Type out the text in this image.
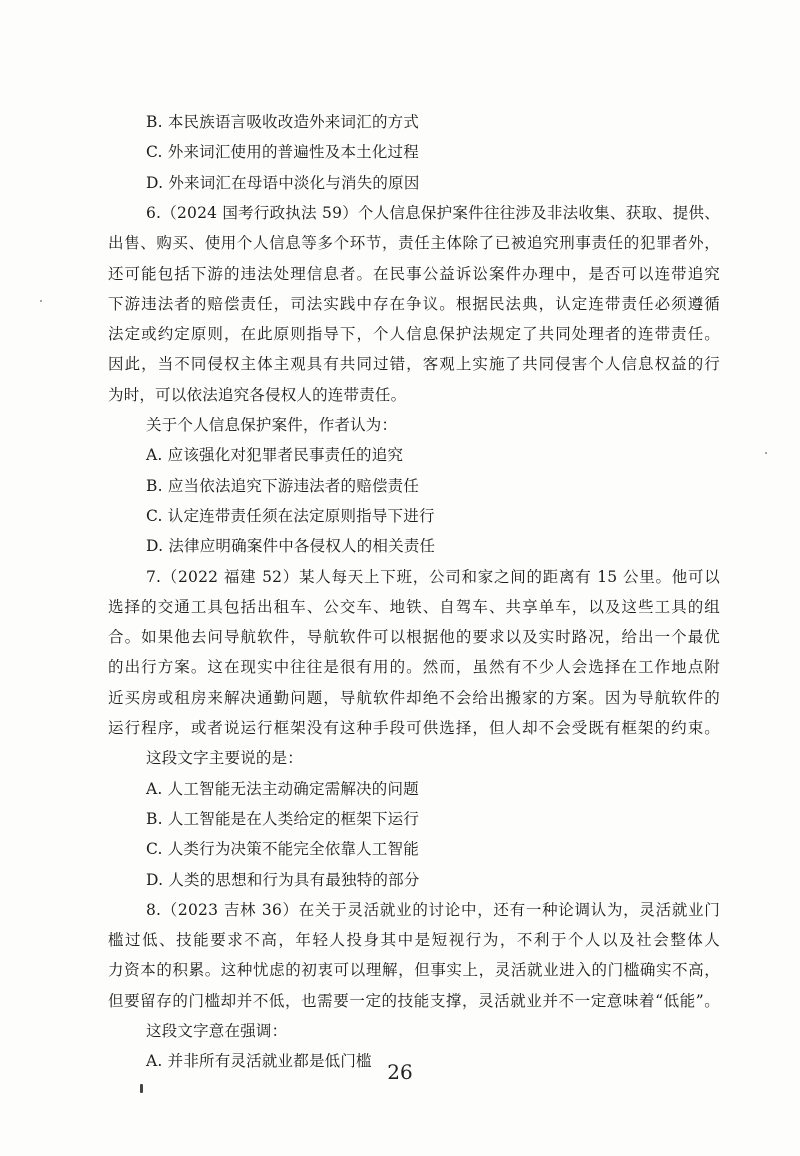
B. 本民族语言吸收改造外来词汇的方式
C. 外来词汇使用的普遍性及本土化过程
D. 外来词汇在母语中淡化与消失的原因
6.（2024 国考行政执法 59）个人信息保护案件往往涉及非法收集、获取、提供、
出售、购买、使用个人信息等多个环节，责任主体除了已被追究刑事责任的犯罪者外，
还可能包括下游的违法处理信息者。在民事公益诉讼案件办理中，是否可以连带追究
下游违法者的赔偿责任，司法实践中存在争议。根据民法典，认定连带责任必须遵循
法定或约定原则，在此原则指导下，个人信息保护法规定了共同处理者的连带责任。
因此，当不同侵权主体主观具有共同过错，客观上实施了共同侵害个人信息权益的行
为时，可以依法追究各侵权人的连带责任。
关于个人信息保护案件，作者认为：
A. 应该强化对犯罪者民事责任的追究
B. 应当依法追究下游违法者的赔偿责任
C. 认定连带责任须在法定原则指导下进行
D. 法律应明确案件中各侵权人的相关责任
7.（2022 福建 52）某人每天上下班，公司和家之间的距离有 15 公里。他可以
选择的交通工具包括出租车、公交车、地铁、自驾车、共享单车，以及这些工具的组
合。如果他去问导航软件，导航软件可以根据他的要求以及实时路况，给出一个最优
的出行方案。这在现实中往往是很有用的。然而，虽然有不少人会选择在工作地点附
近买房或租房来解决通勤问题，导航软件却绝不会给出搬家的方案。因为导航软件的
运行程序，或者说运行框架没有这种手段可供选择，但人却不会受既有框架的约束。
这段文字主要说的是：
A. 人工智能无法主动确定需解决的问题
B. 人工智能是在人类给定的框架下运行
C. 人类行为决策不能完全依靠人工智能
D. 人类的思想和行为具有最独特的部分
8.（2023 吉林 36）在关于灵活就业的讨论中，还有一种论调认为，灵活就业门
槛过低、技能要求不高，年轻人投身其中是短视行为，不利于个人以及社会整体人
力资本的积累。这种忧虑的初衷可以理解，但事实上，灵活就业进入的门槛确实不高，
但要留存的门槛却并不低，也需要一定的技能支撑，灵活就业并不一定意味着“低能”。
这段文字意在强调：
A. 并非所有灵活就业都是低门槛 26
